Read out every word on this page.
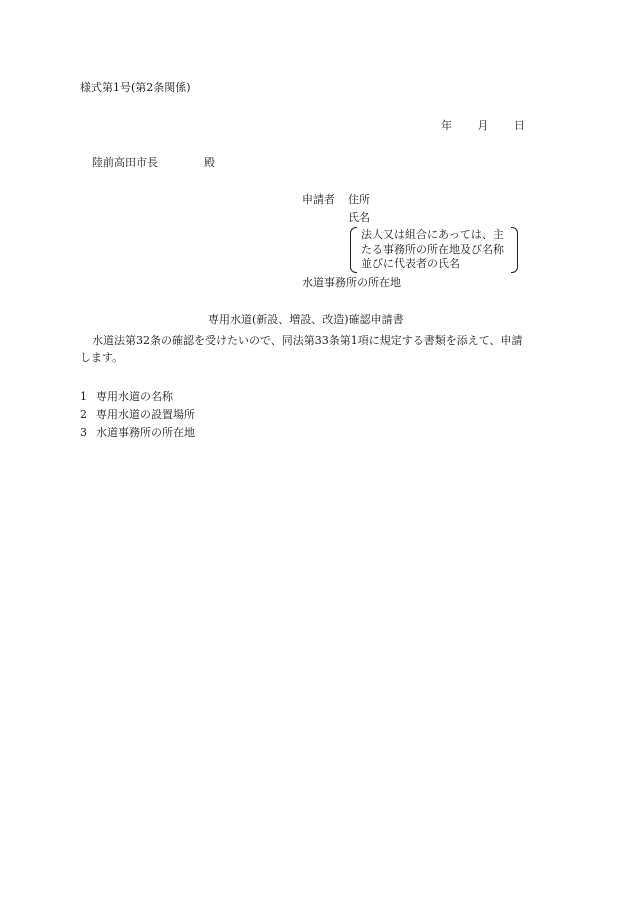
様式第1号(第2条関係)
年 月 日
陸前高田市長	殿
申請者 住所
氏名
法人又は組合にあっては、主
たる事務所の所在地及び名称
並びに代表者の氏名
水道事務所の所在地
専用水道(新設、増設、改造)確認申請書
水道法第32条の確認を受けたいので、同法第33条第1項に規定する書類を添えて、申請
します。
1 専用水道の名称
2 専用水道の設置場所
3 水道事務所の所在地
